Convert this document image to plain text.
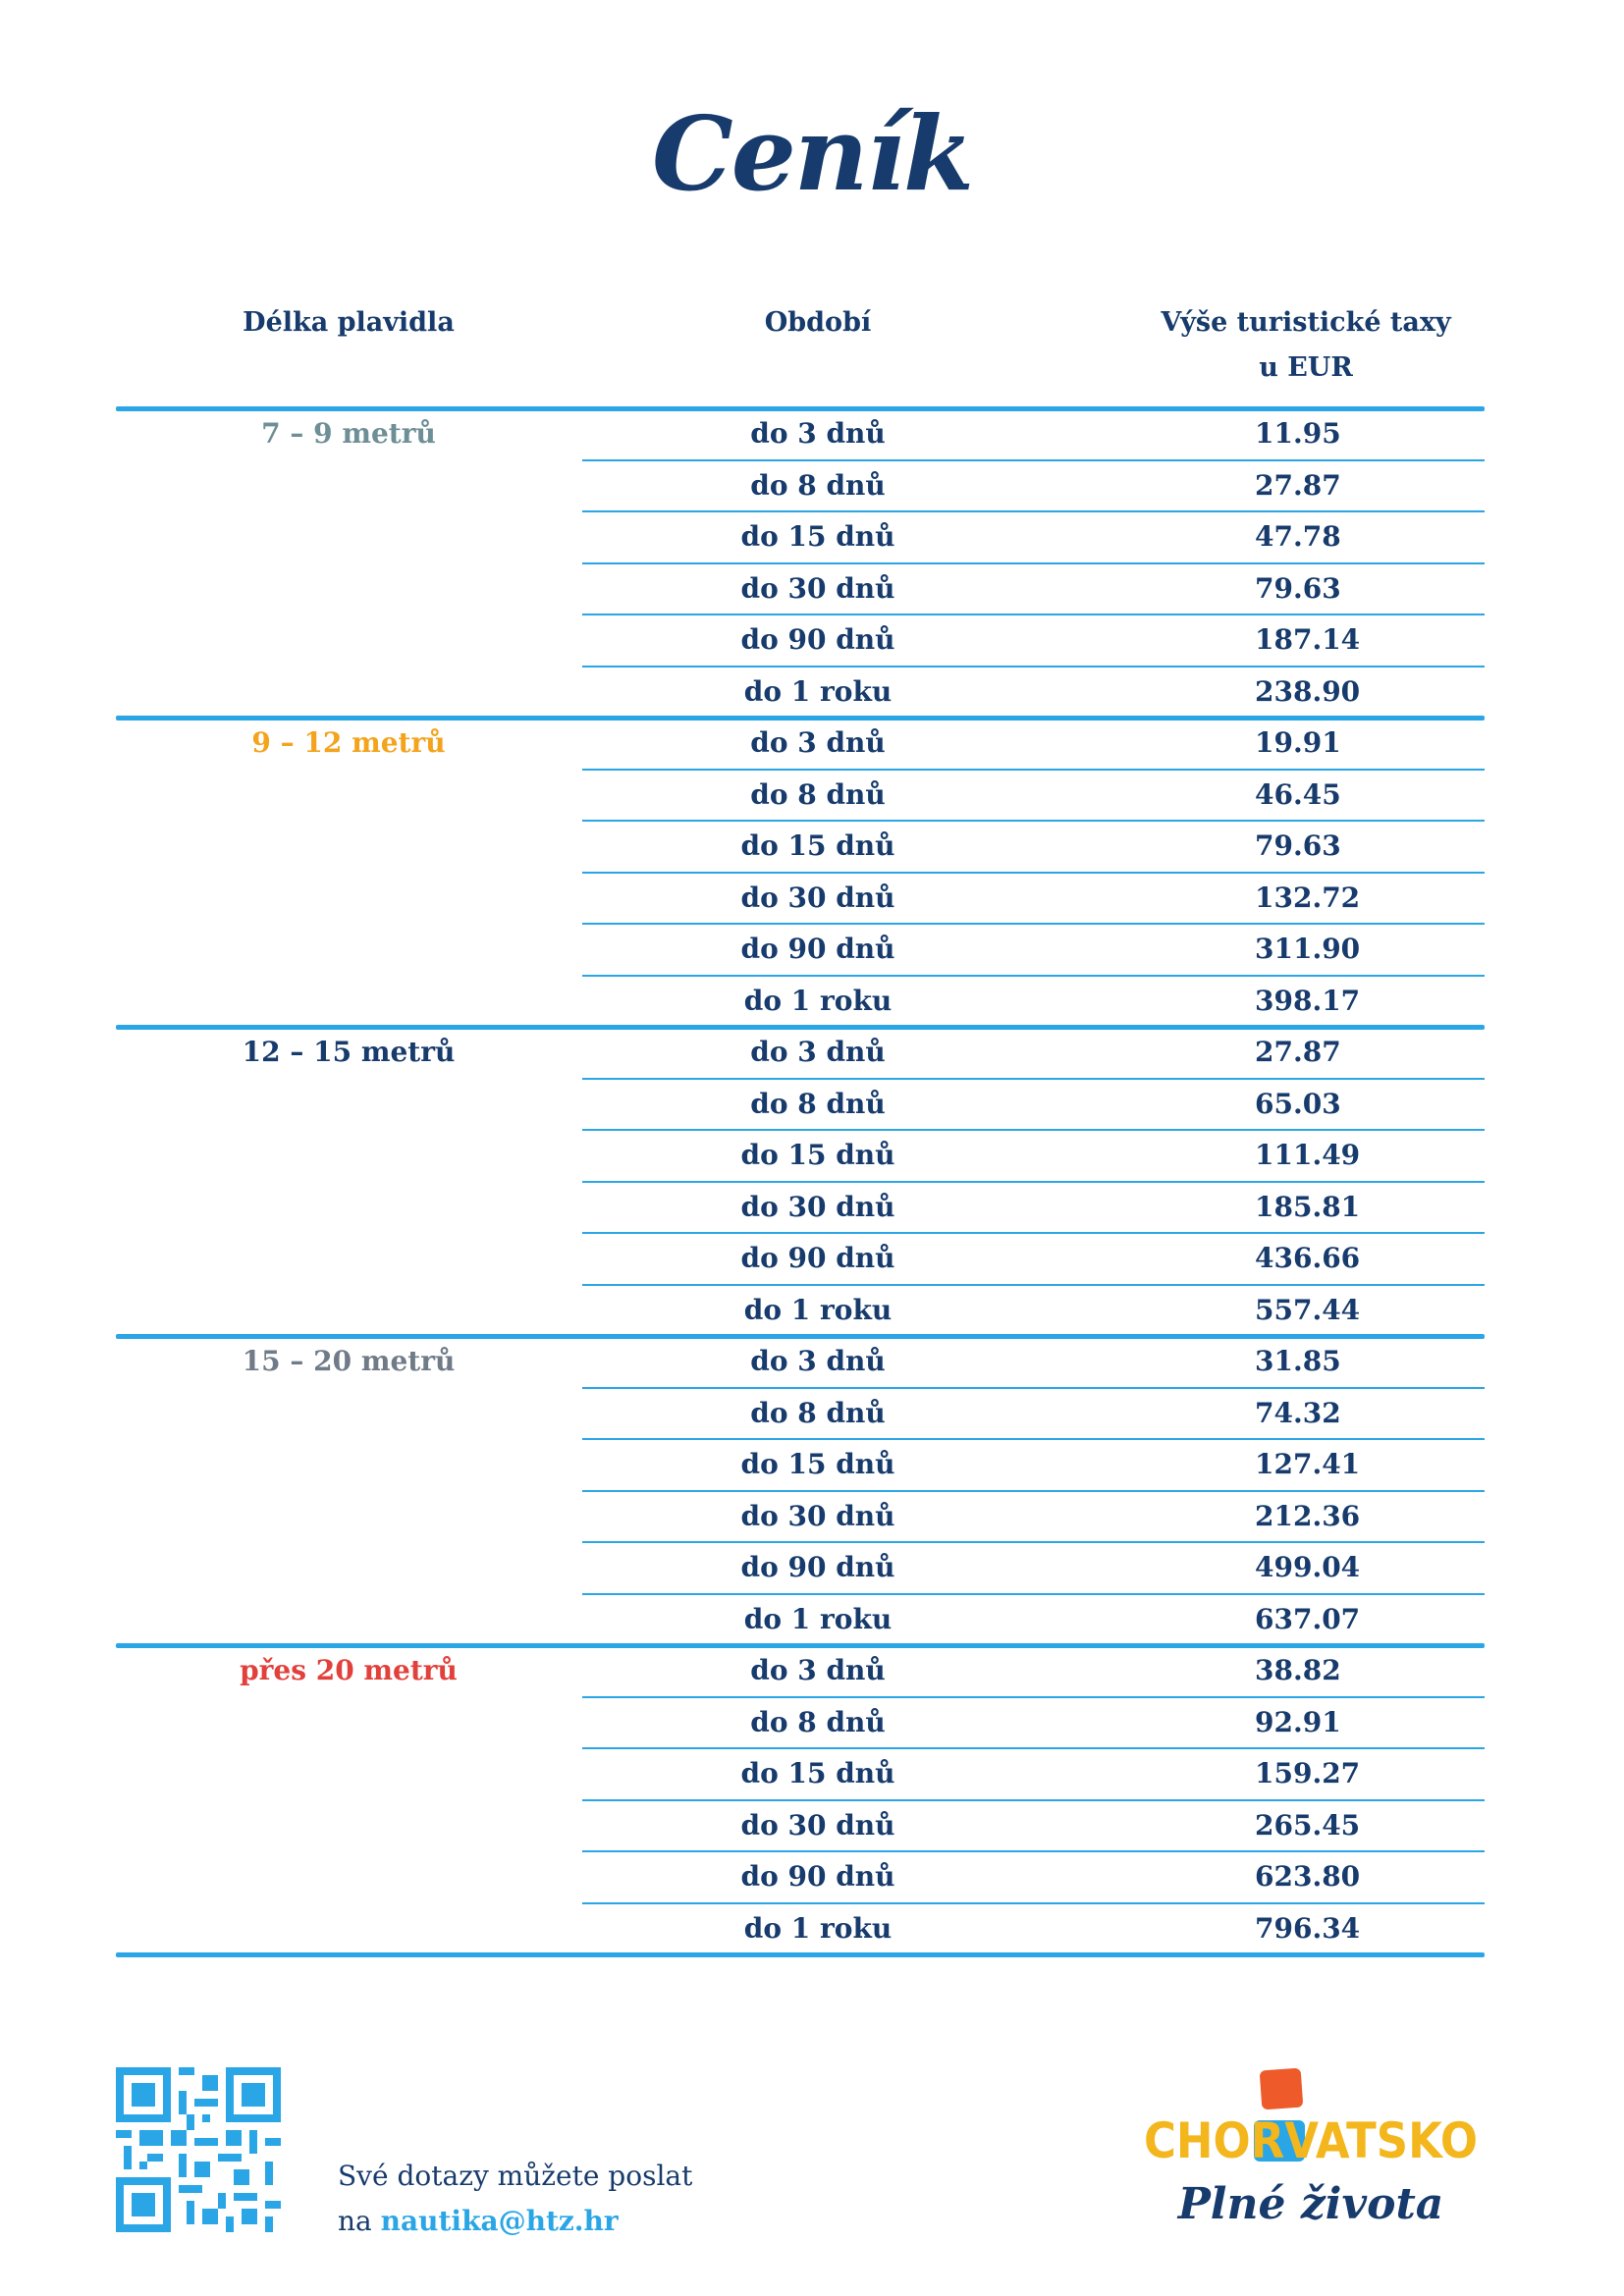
Ceník
Délka plavidla	Období	Výše turistické taxy
u EUR
7 – 9 metrů	do 3 dnů	11.95
do 8 dnů	27.87
do 15 dnů	47.78
do 30 dnů	79.63
do 90 dnů	187.14
do 1 roku	238.90
9 – 12 metrů	do 3 dnů	19.91
do 8 dnů	46.45
do 15 dnů	79.63
do 30 dnů	132.72
do 90 dnů	311.90
do 1 roku	398.17
12 – 15 metrů	do 3 dnů	27.87
do 8 dnů	65.03
do 15 dnů	111.49
do 30 dnů	185.81
do 90 dnů	436.66
do 1 roku	557.44
15 – 20 metrů	do 3 dnů	31.85
do 8 dnů	74.32
do 15 dnů	127.41
do 30 dnů	212.36
do 90 dnů	499.04
do 1 roku	637.07
přes 20 metrů	do 3 dnů	38.82
do 8 dnů	92.91
do 15 dnů	159.27
do 30 dnů	265.45
do 90 dnů	623.80
do 1 roku	796.34
Své dotazy můžete poslat
na nautika@htz.hr
CHORVATSKO
Plné života
